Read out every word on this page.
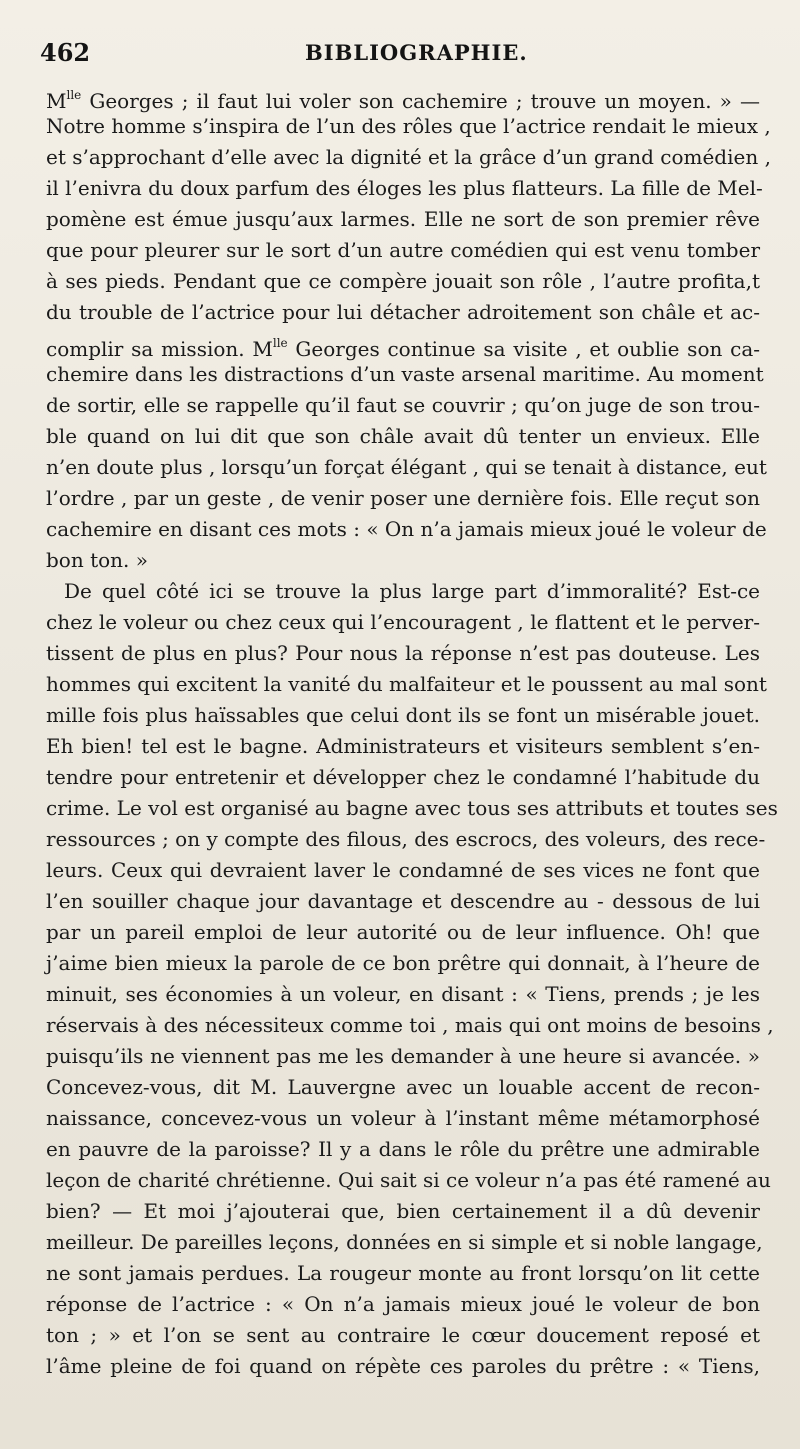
462	BIBLIOGRAPHIE.
$M^{lle}$ Georges ; il faut lui voler son cachemire ; trouve un moyen. » —
Notre homme s’inspira de l’un des rôles que l’actrice rendait le mieux ,
et s’approchant d’elle avec la dignité et la grâce d’un grand comédien ,
il l’enivra du doux parfum des éloges les plus flatteurs. La fille de Mel-
pomène est émue jusqu’aux larmes. Elle ne sort de son premier rêve
que pour pleurer sur le sort d’un autre comédien qui est venu tomber
à ses pieds. Pendant que ce compère jouait son rôle , l’autre profita,t
du trouble de l’actrice pour lui détacher adroitement son châle et ac-
complir sa mission. $M^{lle}$ Georges continue sa visite , et oublie son ca-
chemire dans les distractions d’un vaste arsenal maritime. Au moment
de sortir, elle se rappelle qu’il faut se couvrir ; qu’on juge de son trou-
ble quand on lui dit que son châle avait dû tenter un envieux. Elle
n’en doute plus , lorsqu’un forçat élégant , qui se tenait à distance, eut
l’ordre , par un geste , de venir poser une dernière fois. Elle reçut son
cachemire en disant ces mots : « On n’a jamais mieux joué le voleur de
bon ton. »
De quel côté ici se trouve la plus large part d’immoralité? Est-ce
chez le voleur ou chez ceux qui l’encouragent , le flattent et le perver-
tissent de plus en plus? Pour nous la réponse n’est pas douteuse. Les
hommes qui excitent la vanité du malfaiteur et le poussent au mal sont
mille fois plus haïssables que celui dont ils se font un misérable jouet.
Eh bien! tel est le bagne. Administrateurs et visiteurs semblent s’en-
tendre pour entretenir et développer chez le condamné l’habitude du
crime. Le vol est organisé au bagne avec tous ses attributs et toutes ses
ressources ; on y compte des filous, des escrocs, des voleurs, des rece-
leurs. Ceux qui devraient laver le condamné de ses vices ne font que
l’en souiller chaque jour davantage et descendre au - dessous de lui
par un pareil emploi de leur autorité ou de leur influence. Oh! que
j’aime bien mieux la parole de ce bon prêtre qui donnait, à l’heure de
minuit, ses économies à un voleur, en disant : « Tiens, prends ; je les
réservais à des nécessiteux comme toi , mais qui ont moins de besoins ,
puisqu’ils ne viennent pas me les demander à une heure si avancée. »
Concevez-vous, dit M. Lauvergne avec un louable accent de recon-
naissance, concevez-vous un voleur à l’instant même métamorphosé
en pauvre de la paroisse? Il y a dans le rôle du prêtre une admirable
leçon de charité chrétienne. Qui sait si ce voleur n’a pas été ramené au
bien? — Et moi j’ajouterai que, bien certainement il a dû devenir
meilleur. De pareilles leçons, données en si simple et si noble langage,
ne sont jamais perdues. La rougeur monte au front lorsqu’on lit cette
réponse de l’actrice : « On n’a jamais mieux joué le voleur de bon
ton ; » et l’on se sent au contraire le cœur doucement reposé et
l’âme pleine de foi quand on répète ces paroles du prêtre : « Tiens,
